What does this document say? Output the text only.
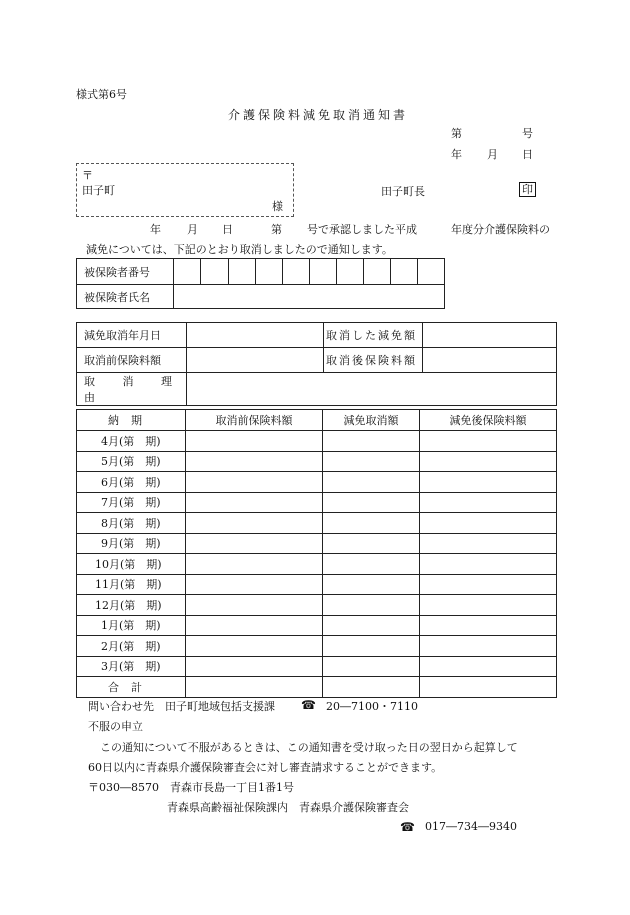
様式第6号
介護保険料減免取消通知書
第	号
年 月 日
〒
田子町
様
田子町長	印
年 月 日	第 号で承認しました平成	年度分介護保険料の
減免については、下記のとおり取消しましたので通知します。
被保険者番号										
被保険者氏名										
減免取消年月日		取消した減免額	
取消前保険料額		取消後保険料額	
取 消 理 由			
納期	取消前保険料額	減免取消額	減免後保険料額
4月(第　期)			
5月(第　期)			
6月(第　期)			
7月(第　期)			
8月(第　期)			
9月(第　期)			
10月(第　期)			
11月(第　期)			
12月(第　期)			
1月(第　期)			
2月(第　期)			
3月(第　期)			
合計			
問い合わせ先　田子町地域包括支援課 ☎ 20―7100・7110
不服の申立
この通知について不服があるときは、この通知書を受け取った日の翌日から起算して
60日以内に青森県介護保険審査会に対し審査請求することができます。
〒030―8570　青森市長島一丁目1番1号
青森県高齢福祉保険課内　青森県介護保険審査会
☎ 017―734―9340
